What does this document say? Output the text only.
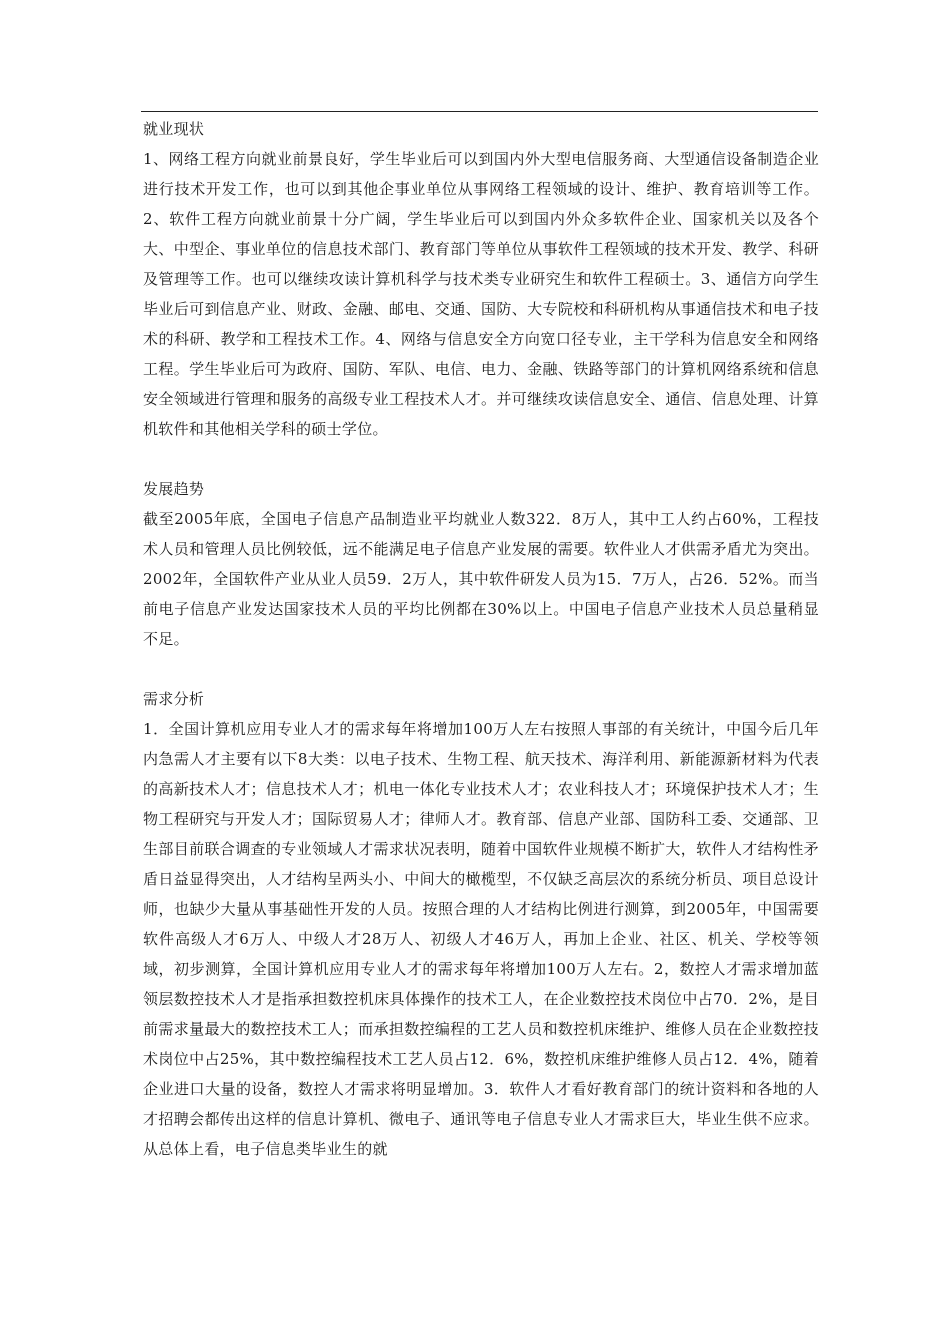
就业现状

1、网络工程方向就业前景良好，学生毕业后可以到国内外大型电信服务商、大型通信设备制造企业进行技术开发工作，也可以到其他企事业单位从事网络工程领域的设计、维护、教育培训等工作。2、软件工程方向就业前景十分广阔，学生毕业后可以到国内外众多软件企业、国家机关以及各个大、中型企、事业单位的信息技术部门、教育部门等单位从事软件工程领域的技术开发、教学、科研及管理等工作。也可以继续攻读计算机科学与技术类专业研究生和软件工程硕士。3、通信方向学生毕业后可到信息产业、财政、金融、邮电、交通、国防、大专院校和科研机构从事通信技术和电子技术的科研、教学和工程技术工作。4、网络与信息安全方向宽口径专业，主干学科为信息安全和网络工程。学生毕业后可为政府、国防、军队、电信、电力、金融、铁路等部门的计算机网络系统和信息安全领域进行管理和服务的高级专业工程技术人才。并可继续攻读信息安全、通信、信息处理、计算机软件和其他相关学科的硕士学位。

发展趋势

截至2005年底，全国电子信息产品制造业平均就业人数322．8万人，其中工人约占60%，工程技术人员和管理人员比例较低，远不能满足电子信息产业发展的需要。软件业人才供需矛盾尤为突出。2002年，全国软件产业从业人员59．2万人，其中软件研发人员为15．7万人，占26．52%。而当前电子信息产业发达国家技术人员的平均比例都在30%以上。中国电子信息产业技术人员总量稍显不足。

需求分析

1．全国计算机应用专业人才的需求每年将增加100万人左右按照人事部的有关统计，中国今后几年内急需人才主要有以下8大类：以电子技术、生物工程、航天技术、海洋利用、新能源新材料为代表的高新技术人才；信息技术人才；机电一体化专业技术人才；农业科技人才；环境保护技术人才；生物工程研究与开发人才；国际贸易人才；律师人才。教育部、信息产业部、国防科工委、交通部、卫生部目前联合调查的专业领域人才需求状况表明，随着中国软件业规模不断扩大，软件人才结构性矛盾日益显得突出，人才结构呈两头小、中间大的橄榄型，不仅缺乏高层次的系统分析员、项目总设计师，也缺少大量从事基础性开发的人员。按照合理的人才结构比例进行测算，到2005年，中国需要软件高级人才6万人、中级人才28万人、初级人才46万人，再加上企业、社区、机关、学校等领域，初步测算，全国计算机应用专业人才的需求每年将增加100万人左右。2，数控人才需求增加蓝领层数控技术人才是指承担数控机床具体操作的技术工人，在企业数控技术岗位中占70．2%，是目前需求量最大的数控技术工人；而承担数控编程的工艺人员和数控机床维护、维修人员在企业数控技术岗位中占25%，其中数控编程技术工艺人员占12．6%，数控机床维护维修人员占12．4%，随着企业进口大量的设备，数控人才需求将明显增加。3．软件人才看好教育部门的统计资料和各地的人才招聘会都传出这样的信息计算机、微电子、通讯等电子信息专业人才需求巨大，毕业生供不应求。从总体上看，电子信息类毕业生的就
